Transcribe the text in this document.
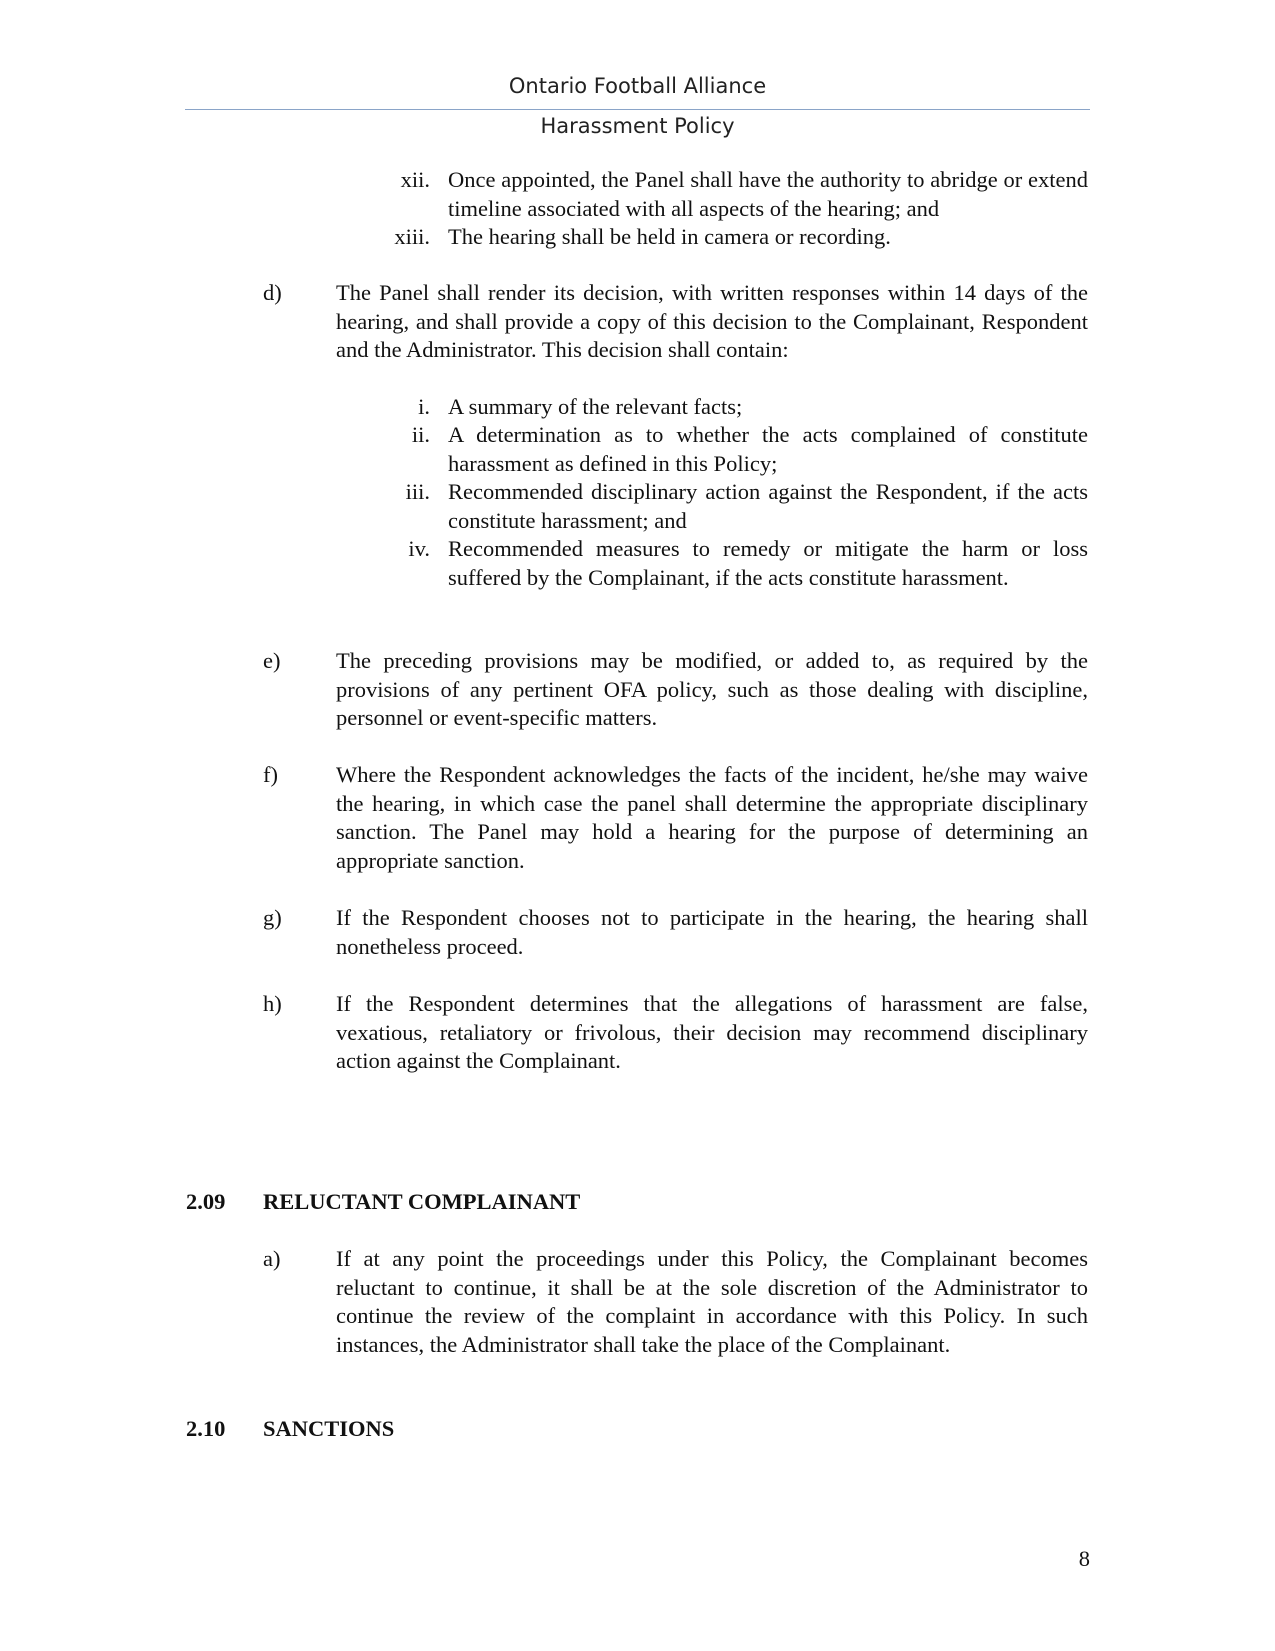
Ontario Football Alliance
Harassment Policy
xii. Once appointed, the Panel shall have the authority to abridge or extend timeline associated with all aspects of the hearing; and

xiii. The hearing shall be held in camera or recording.

d) The Panel shall render its decision, with written responses within 14 days of the hearing, and shall provide a copy of this decision to the Complainant, Respondent and the Administrator. This decision shall contain:

i. A summary of the relevant facts;

ii. A determination as to whether the acts complained of constitute harassment as defined in this Policy;

iii. Recommended disciplinary action against the Respondent, if the acts constitute harassment; and

iv. Recommended measures to remedy or mitigate the harm or loss suffered by the Complainant, if the acts constitute harassment.

e) The preceding provisions may be modified, or added to, as required by the provisions of any pertinent OFA policy, such as those dealing with discipline, personnel or event-specific matters.

f)	Where the Respondent acknowledges the facts of the incident, he/she may waive the hearing, in which case the panel shall determine the appropriate disciplinary sanction. The Panel may hold a hearing for the purpose of determining an appropriate sanction.

g) If the Respondent chooses not to participate in the hearing, the hearing shall nonetheless proceed.

h) If the Respondent determines that the allegations of harassment are false, vexatious, retaliatory or frivolous, their decision may recommend disciplinary action against the Complainant.

2.09 RELUCTANT COMPLAINANT
a) If at any point the proceedings under this Policy, the Complainant becomes reluctant to continue, it shall be at the sole discretion of the Administrator to continue the review of the complaint in accordance with this Policy. In such instances, the Administrator shall take the place of the Complainant.

2.10 SANCTIONS
8
